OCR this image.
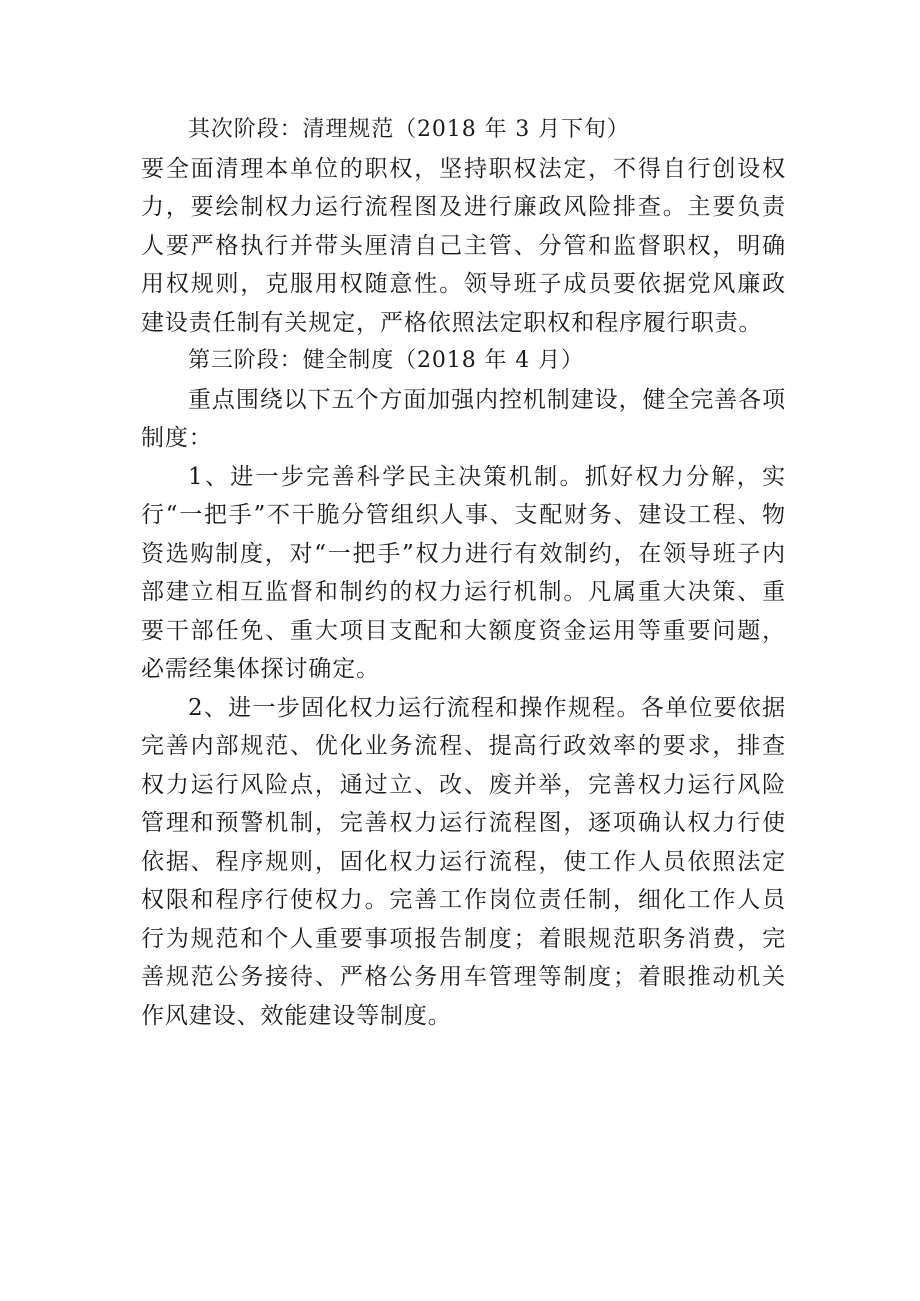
其次阶段：清理规范（2018 年 3 月下旬）

要全面清理本单位的职权，坚持职权法定，不得自行创设权力，要绘制权力运行流程图及进行廉政风险排查。主要负责人要严格执行并带头厘清自己主管、分管和监督职权，明确用权规则，克服用权随意性。领导班子成员要依据党风廉政建设责任制有关规定，严格依照法定职权和程序履行职责。

第三阶段：健全制度（2018 年 4 月）

重点围绕以下五个方面加强内控机制建设，健全完善各项制度：

1、进一步完善科学民主决策机制。抓好权力分解，实行“一把手”不干脆分管组织人事、支配财务、建设工程、物资选购制度，对“一把手”权力进行有效制约，在领导班子内部建立相互监督和制约的权力运行机制。凡属重大决策、重要干部任免、重大项目支配和大额度资金运用等重要问题，必需经集体探讨确定。

2、进一步固化权力运行流程和操作规程。各单位要依据完善内部规范、优化业务流程、提高行政效率的要求，排查权力运行风险点，通过立、改、废并举，完善权力运行风险管理和预警机制，完善权力运行流程图，逐项确认权力行使依据、程序规则，固化权力运行流程，使工作人员依照法定权限和程序行使权力。完善工作岗位责任制，细化工作人员行为规范和个人重要事项报告制度；着眼规范职务消费，完善规范公务接待、严格公务用车管理等制度；着眼推动机关作风建设、效能建设等制度。
